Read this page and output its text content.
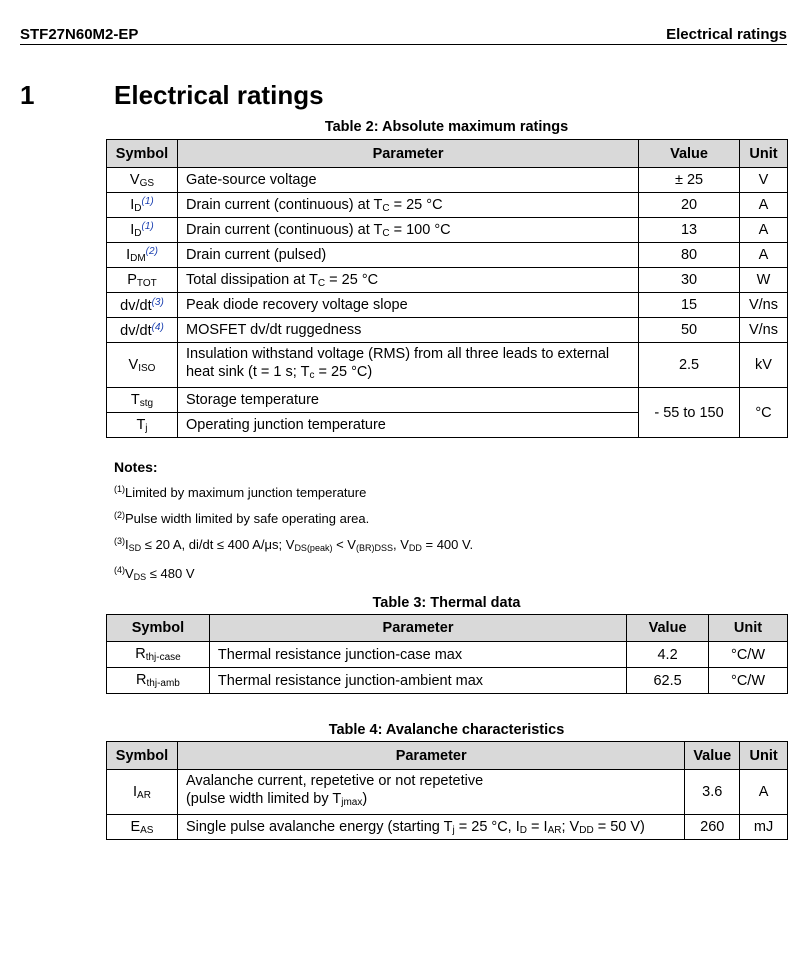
STF27N60M2-EP	Electrical ratings
1	Electrical ratings
Table 2: Absolute maximum ratings
Symbol	Parameter	Value	Unit
$V_{GS}$	Gate-source voltage	± 25	V
$I_D^{(1)}$	Drain current (continuous) at $T_C = 25$ °C	20	A
$I_D^{(1)}$	Drain current (continuous) at $T_C = 100$ °C	13	A
$I_{DM}^{(2)}$	Drain current (pulsed)	80	A
$P_{TOT}$	Total dissipation at $T_C = 25$ °C	30	W
dv/dt$^{(3)}$	Peak diode recovery voltage slope	15	V/ns
dv/dt$^{(4)}$	MOSFET dv/dt ruggedness	50	V/ns
$V_{ISO}$	Insulation withstand voltage (RMS) from all three leads to external
heat sink (t = 1 s; $T_c = 25$ °C)	2.5	kV
$T_{stg}$	Storage temperature	- 55 to 150	°C
$T_j$	Operating junction temperature		
Notes:
$^{(1)}$Limited by maximum junction temperature
$^{(2)}$Pulse width limited by safe operating area.
$^{(3)}I_{SD} \le 20$ A, di/dt ≤ 400 A/μs; $V_{DS(peak)} < V_{(BR)DSS}$, $V_{DD} = 400$ V.
$^{(4)}V_{DS} \le 480$ V
Table 3: Thermal data
Symbol	Parameter	Value	Unit
$R_{thj-case}$	Thermal resistance junction-case max	4.2	°C/W
$R_{thj-amb}$	Thermal resistance junction-ambient max	62.5	°C/W
Table 4: Avalanche characteristics
Symbol	Parameter	Value	Unit
$I_{AR}$	Avalanche current, repetetive or not repetetive
(pulse width limited by $T_{jmax}$)	3.6	A
$E_{AS}$	Single pulse avalanche energy (starting $T_j = 25$ °C, $I_D = I_{AR}$; $V_{DD} = 50$ V)	260	mJ
